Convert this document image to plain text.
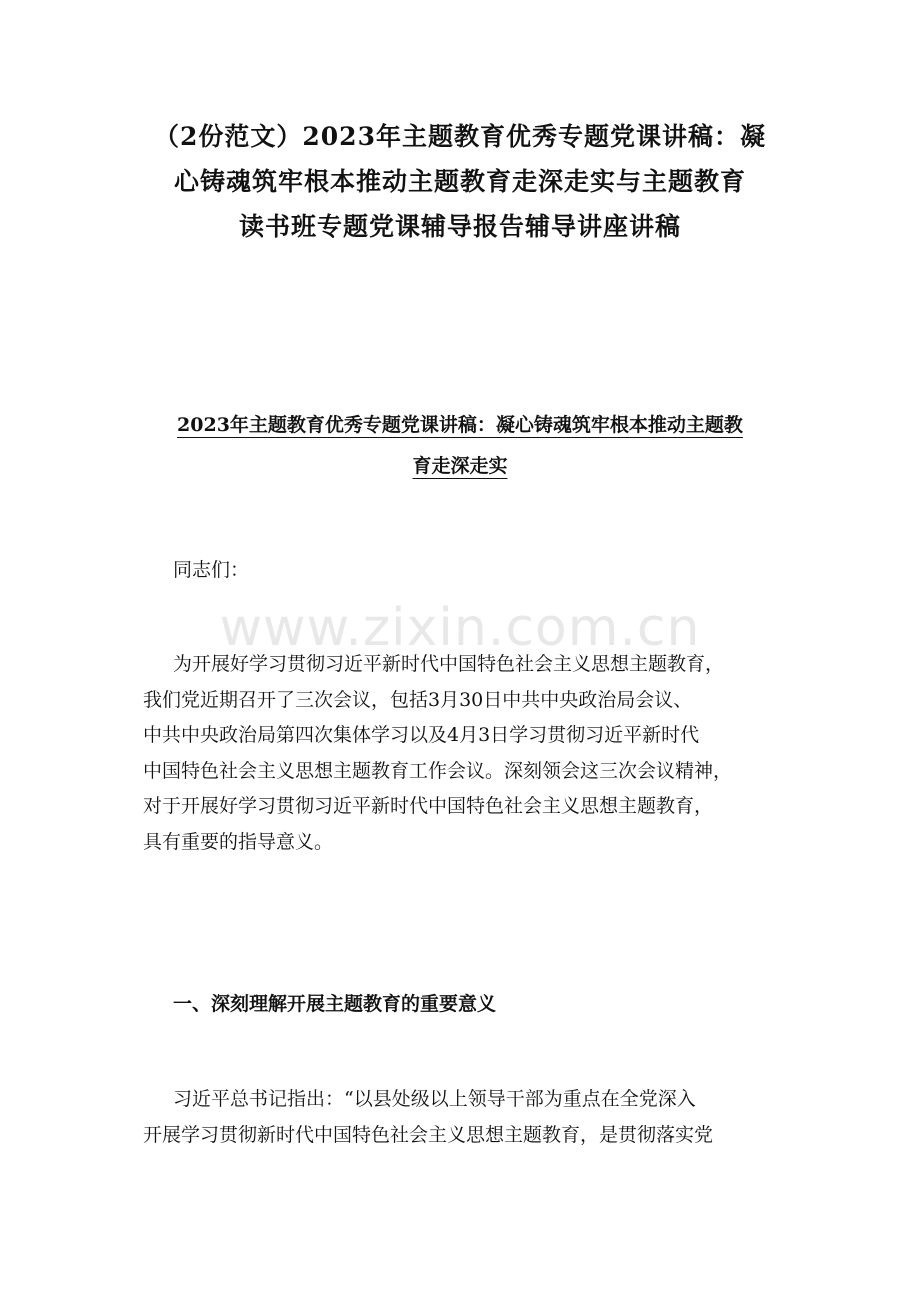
（2份范文）2023年主题教育优秀专题党课讲稿：凝
心铸魂筑牢根本推动主题教育走深走实与主题教育
读书班专题党课辅导报告辅导讲座讲稿
2023年主题教育优秀专题党课讲稿：凝心铸魂筑牢根本推动主题教
育走深走实

同志们：

www.zixin.com.cn

为开展好学习贯彻习近平新时代中国特色社会主义思想主题教育，
我们党近期召开了三次会议，包括3月30日中共中央政治局会议、
中共中央政治局第四次集体学习以及4月3日学习贯彻习近平新时代
中国特色社会主义思想主题教育工作会议。深刻领会这三次会议精神，
对于开展好学习贯彻习近平新时代中国特色社会主义思想主题教育，
具有重要的指导意义。

一、深刻理解开展主题教育的重要意义

习近平总书记指出：“以县处级以上领导干部为重点在全党深入
开展学习贯彻新时代中国特色社会主义思想主题教育，是贯彻落实党
